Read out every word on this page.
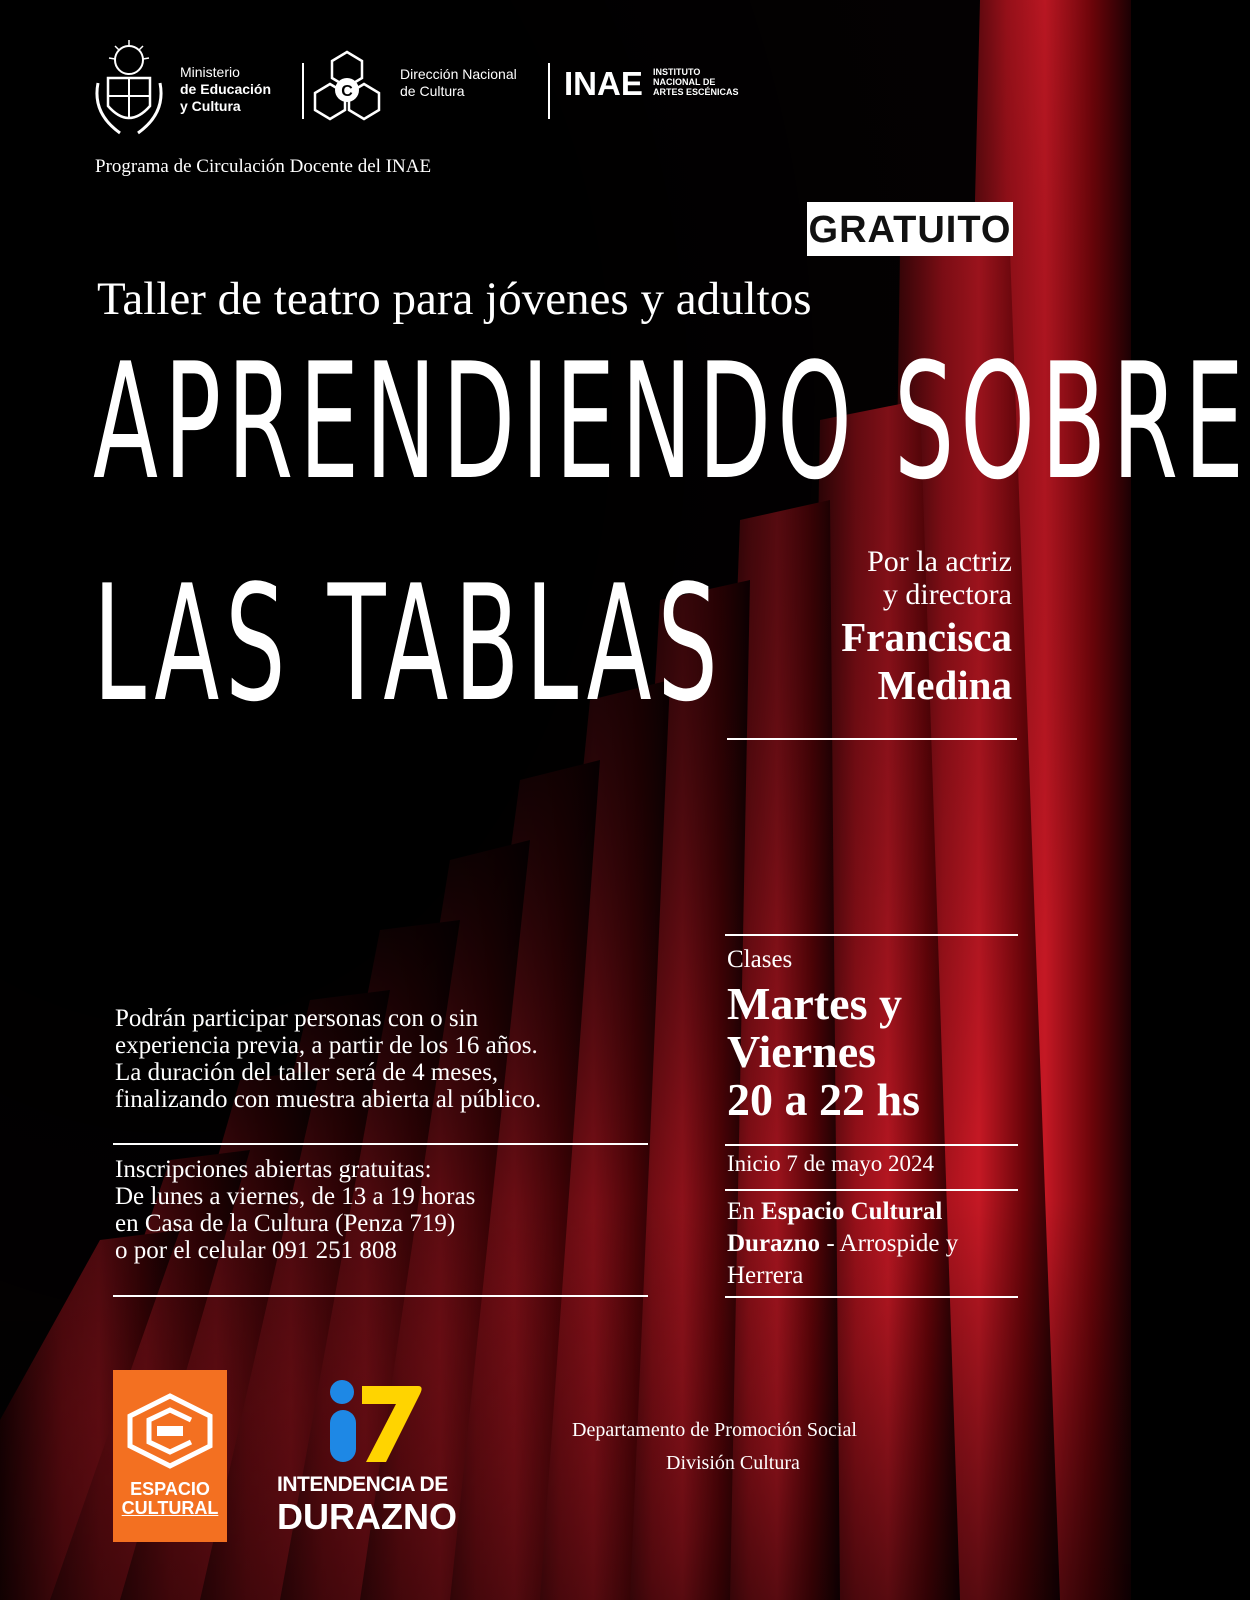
Ministerio
de Educación
y Cultura
C
Dirección Nacional
de Cultura	INAE INSTITUTO
NACIONAL DE
ARTES ESCÉNICAS
Programa de Circulación Docente del INAE
GRATUITO
Taller de teatro para jóvenes y adultos
APRENDIENDO SOBRE
LAS TABLAS	Por la actriz
y directora
Francisca
Medina
Podrán participar personas con o sin
experiencia previa, a partir de los 16 años.
La duración del taller será de 4 meses,
finalizando con muestra abierta al público.
Inscripciones abiertas gratuitas:
De lunes a viernes, de 13 a 19 horas
en Casa de la Cultura (Penza 719)
o por el celular 091 251 808
Clases
Martes y
Viernes
20 a 22 hs
Inicio 7 de mayo 2024
En Espacio Cultural
Durazno - Arrospide y
Herrera
ESPACIO
CULTURAL
INTENDENCIA DE
DURAZNO
Departamento de Promoción Social
División Cultura
